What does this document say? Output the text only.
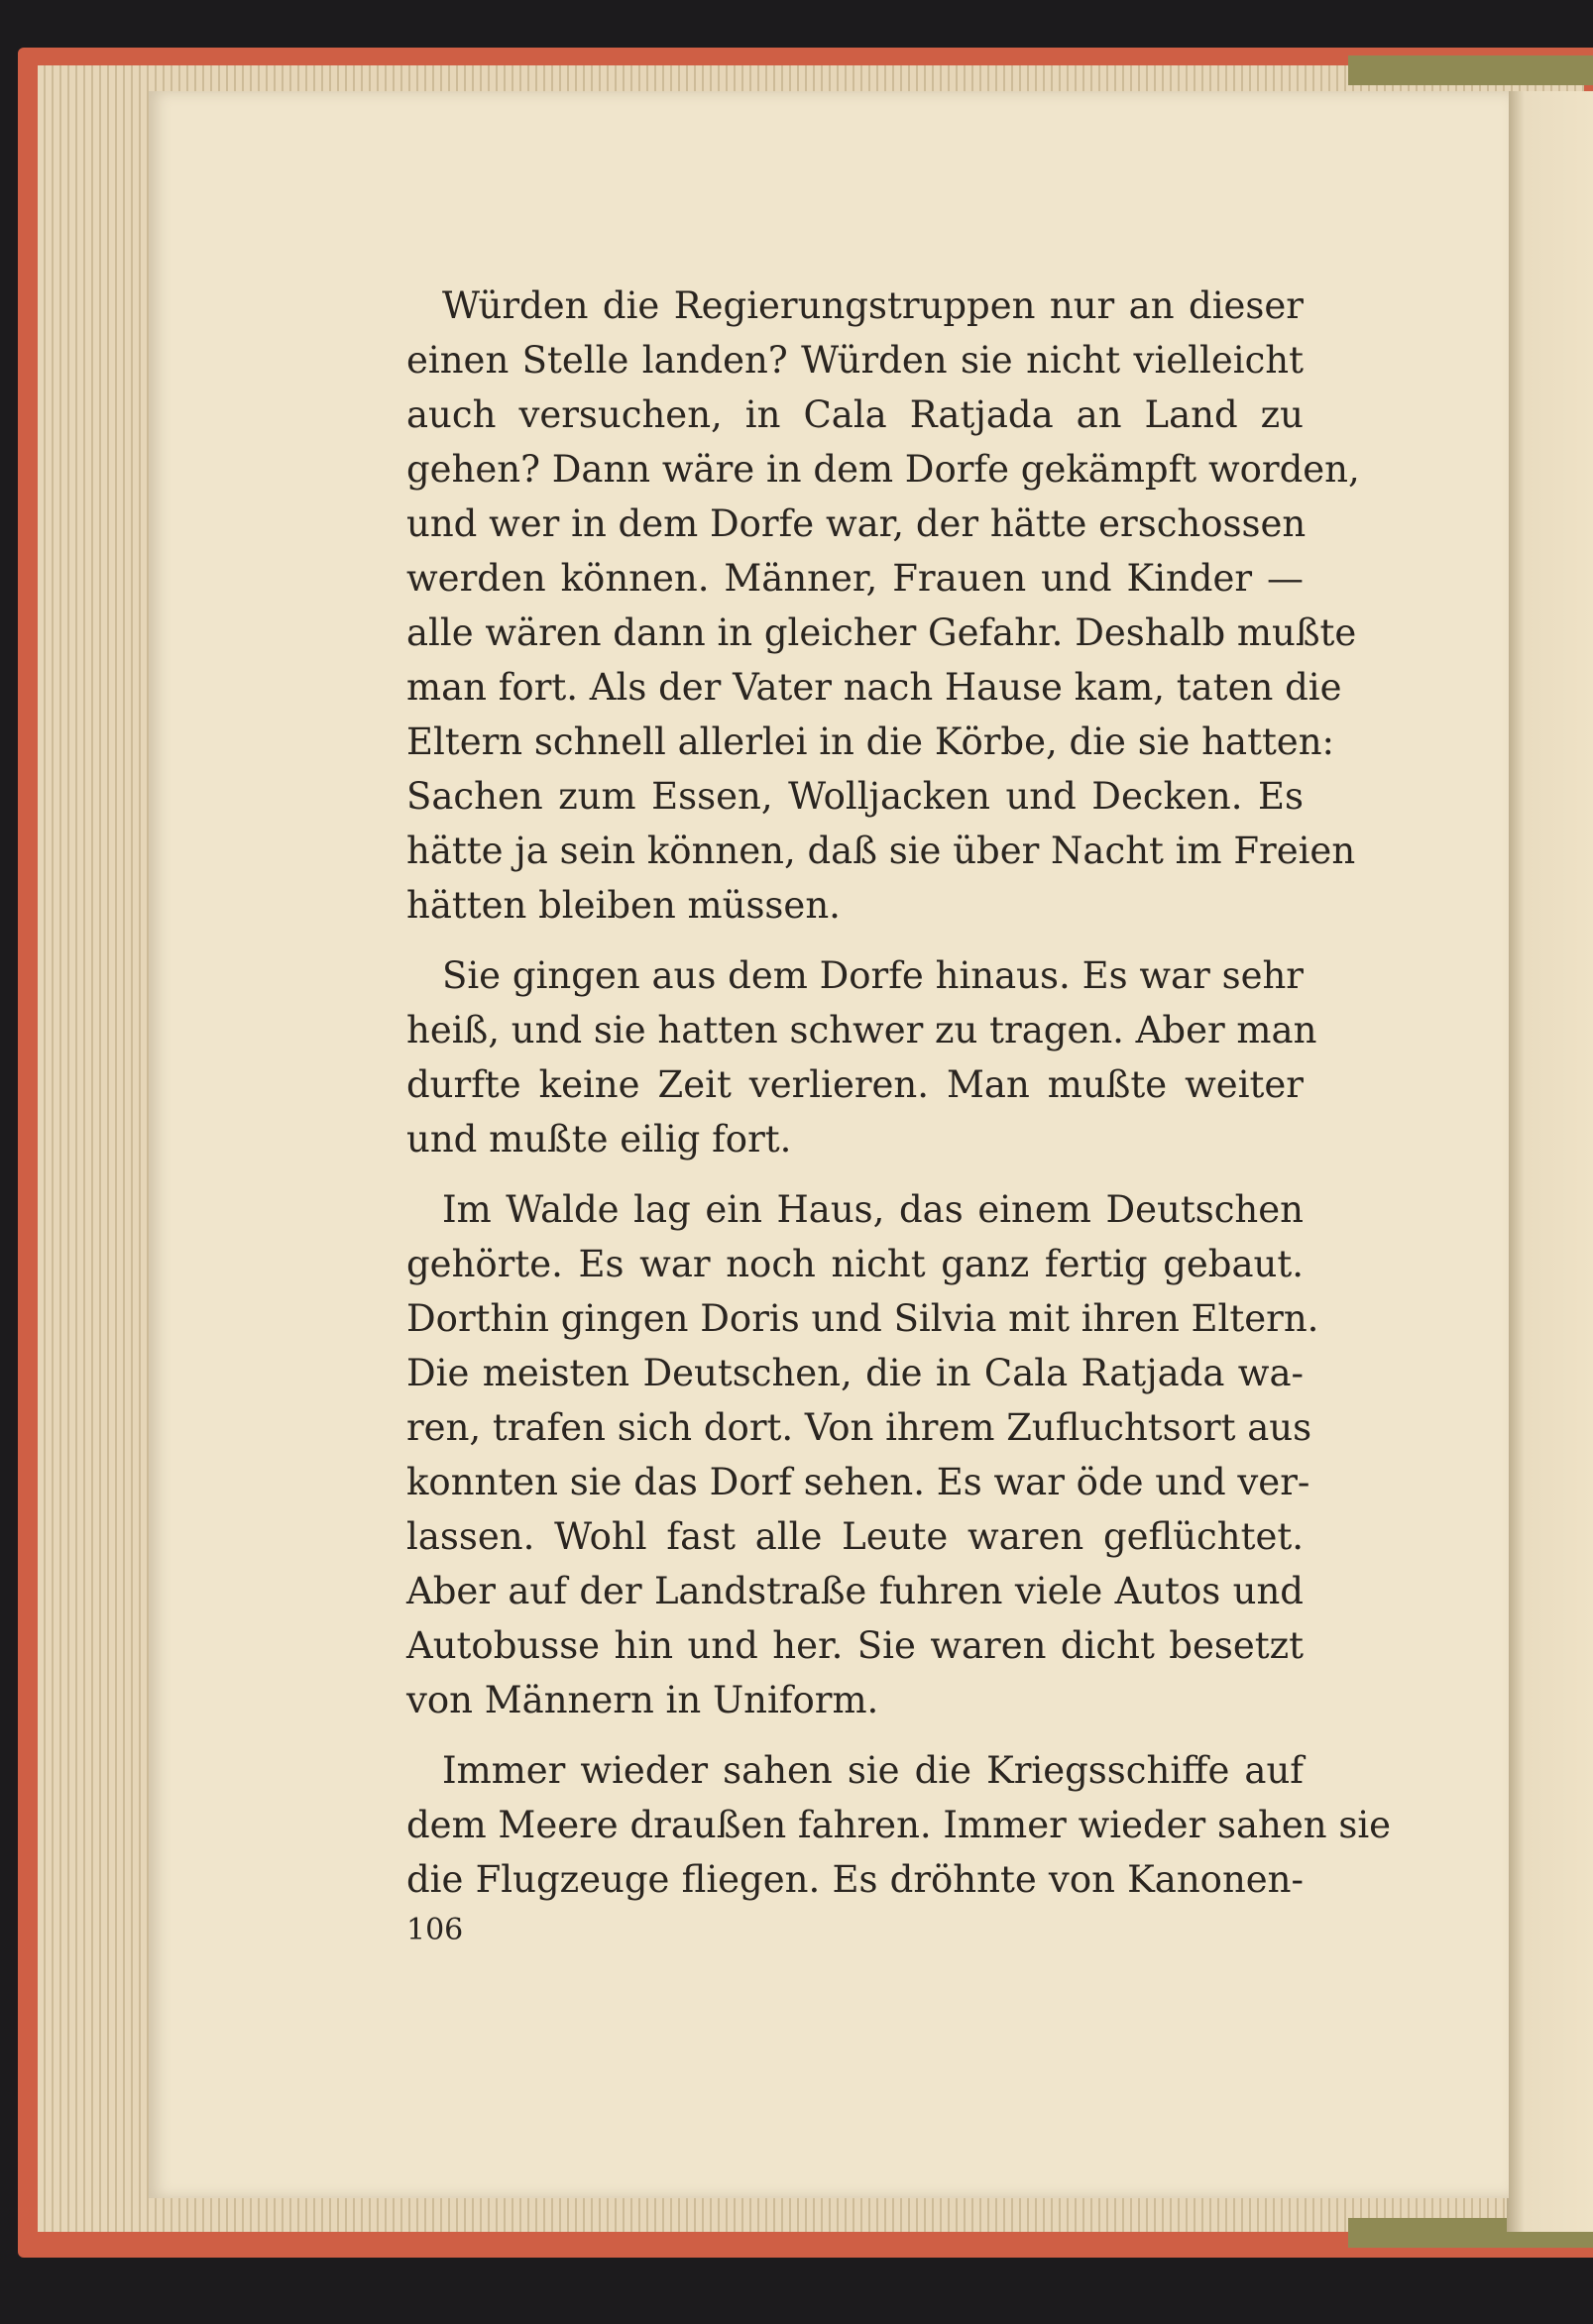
Würden die Regierungstruppen nur an dieser
einen Stelle landen? Würden sie nicht vielleicht
auch versuchen, in Cala Ratjada an Land zu
gehen? Dann wäre in dem Dorfe gekämpft worden,
und wer in dem Dorfe war, der hätte erschossen
werden können. Männer, Frauen und Kinder —
alle wären dann in gleicher Gefahr. Deshalb mußte
man fort. Als der Vater nach Hause kam, taten die
Eltern schnell allerlei in die Körbe, die sie hatten:
Sachen zum Essen, Wolljacken und Decken. Es
hätte ja sein können, daß sie über Nacht im Freien
hätten bleiben müssen.
Sie gingen aus dem Dorfe hinaus. Es war sehr
heiß, und sie hatten schwer zu tragen. Aber man
durfte keine Zeit verlieren. Man mußte weiter
und mußte eilig fort.
Im Walde lag ein Haus, das einem Deutschen
gehörte. Es war noch nicht ganz fertig gebaut.
Dorthin gingen Doris und Silvia mit ihren Eltern.
Die meisten Deutschen, die in Cala Ratjada wa-
ren, trafen sich dort. Von ihrem Zufluchtsort aus
konnten sie das Dorf sehen. Es war öde und ver-
lassen. Wohl fast alle Leute waren geflüchtet.
Aber auf der Landstraße fuhren viele Autos und
Autobusse hin und her. Sie waren dicht besetzt
von Männern in Uniform.
Immer wieder sahen sie die Kriegsschiffe auf
dem Meere draußen fahren. Immer wieder sahen sie
die Flugzeuge fliegen. Es dröhnte von Kanonen-
106
